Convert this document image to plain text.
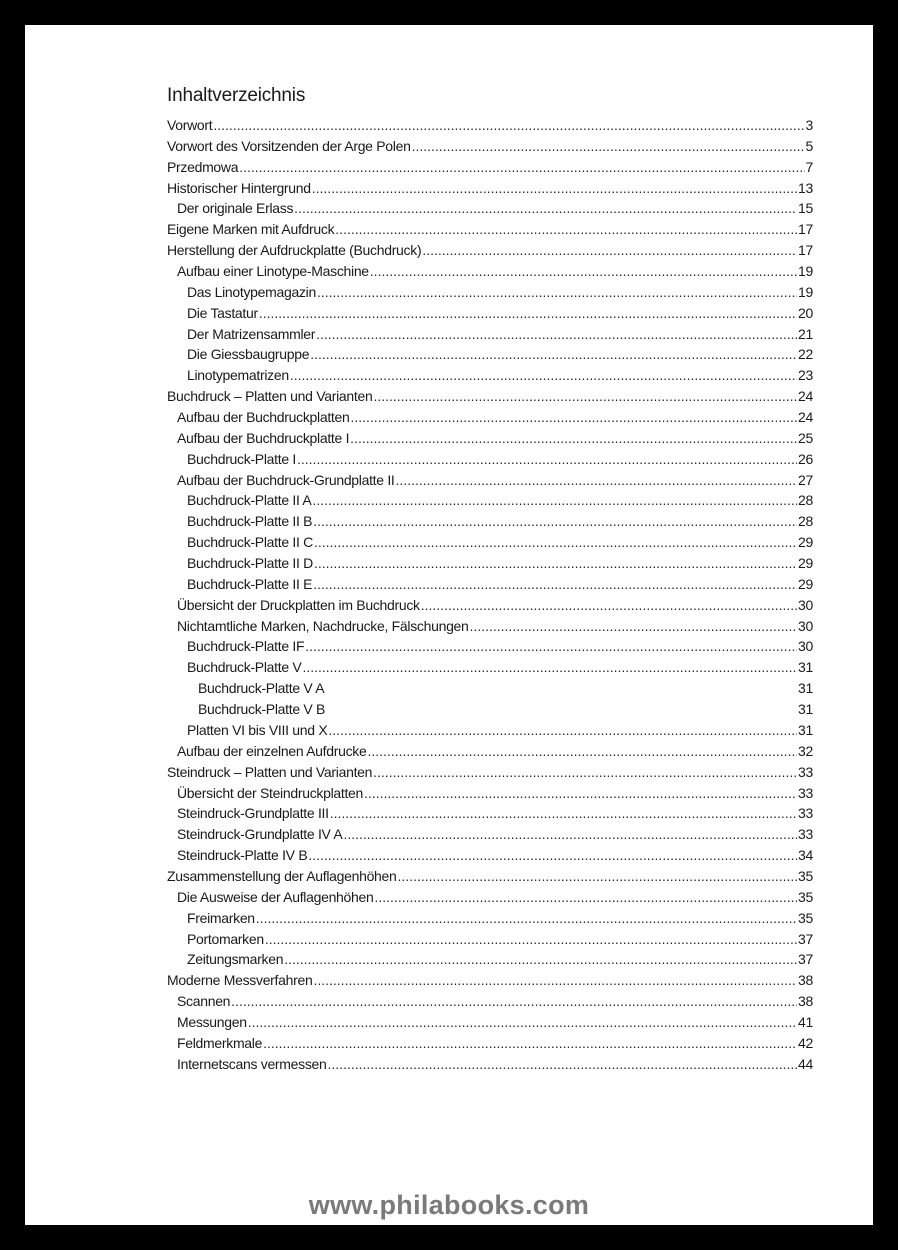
Inhaltverzeichnis
Vorwort .....	3
Vorwort des Vorsitzenden der Arge Polen .....	5
Przedmowa .....	7
Historischer Hintergrund .....	13
Der originale Erlass .....	15
Eigene Marken mit Aufdruck .....	17
Herstellung der Aufdruckplatte (Buchdruck) .....	17
Aufbau einer Linotype-Maschine .....	19
Das Linotypemagazin .....	19
Die Tastatur .....	20
Der Matrizensammler .....	21
Die Giessbaugruppe .....	22
Linotypematrizen .....	23
Buchdruck – Platten und Varianten .....	24
Aufbau der Buchdruckplatten .....	24
Aufbau der Buchdruckplatte I .....	25
Buchdruck-Platte I .....	26
Aufbau der Buchdruck-Grundplatte II .....	27
Buchdruck-Platte II A .....	28
Buchdruck-Platte II B .....	28
Buchdruck-Platte II C .....	29
Buchdruck-Platte II D .....	29
Buchdruck-Platte II E .....	29
Übersicht der Druckplatten im Buchdruck .....	30
Nichtamtliche Marken, Nachdrucke, Fälschungen .....	30
Buchdruck-Platte IF .....	30
Buchdruck-Platte V .....	31
Buchdruck-Platte V A	31
Buchdruck-Platte V B	31
Platten VI bis VIII und X .....	31
Aufbau der einzelnen Aufdrucke .....	32
Steindruck – Platten und Varianten .....	33
Übersicht der Steindruckplatten .....	33
Steindruck-Grundplatte III .....	33
Steindruck-Grundplatte IV A .....	33
Steindruck-Platte IV B .....	34
Zusammenstellung der Auflagenhöhen .....	35
Die Ausweise der Auflagenhöhen .....	35
Freimarken .....	35
Portomarken .....	37
Zeitungsmarken .....	37
Moderne Messverfahren .....	38
Scannen .....	38
Messungen .....	41
Feldmerkmale .....	42
Internetscans vermessen .....	44
www.philabooks.com
